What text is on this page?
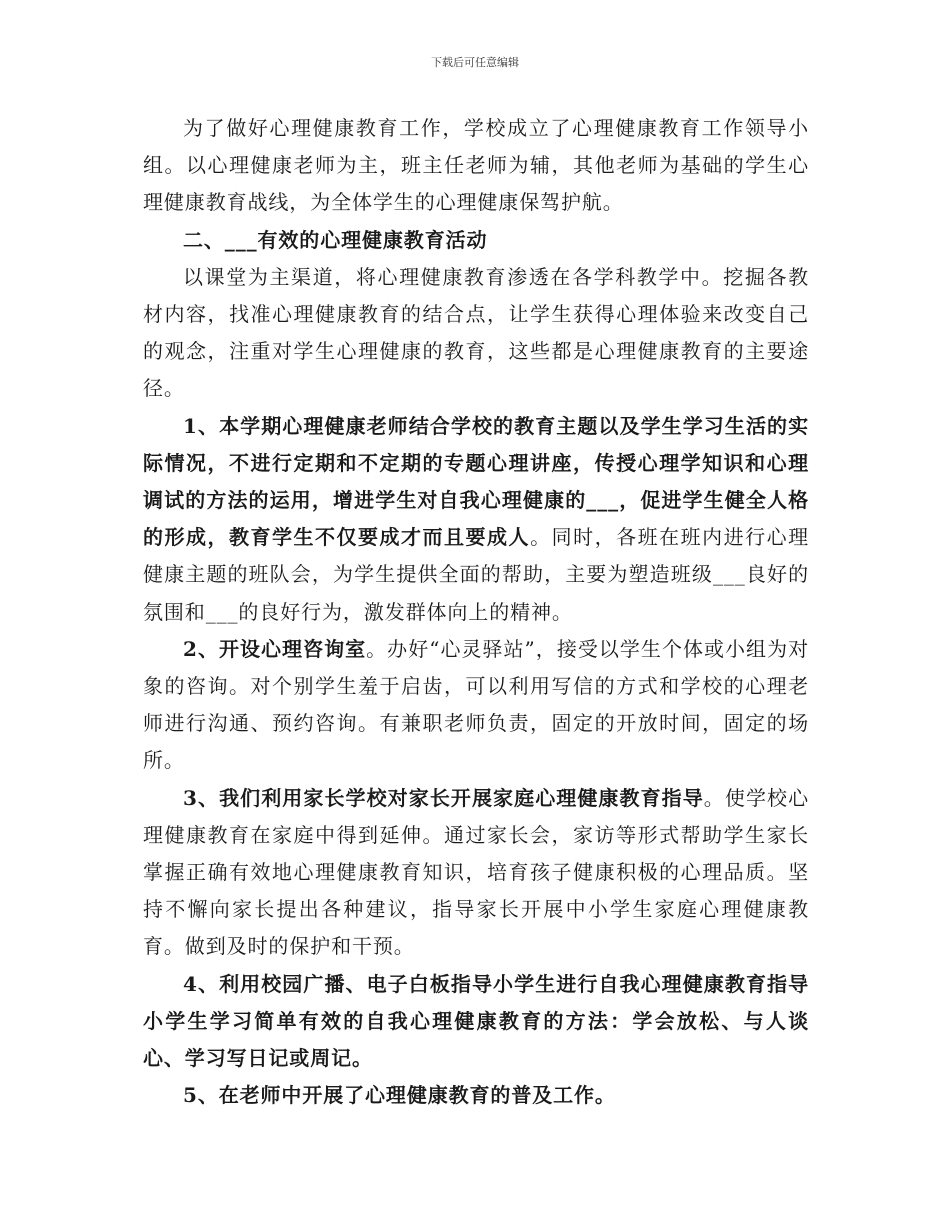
下载后可任意编辑

为了做好心理健康教育工作，学校成立了心理健康教育工作领导小组。以心理健康老师为主，班主任老师为辅，其他老师为基础的学生心理健康教育战线，为全体学生的心理健康保驾护航。

二、___有效的心理健康教育活动

以课堂为主渠道，将心理健康教育渗透在各学科教学中。挖掘各教材内容，找准心理健康教育的结合点，让学生获得心理体验来改变自己的观念，注重对学生心理健康的教育，这些都是心理健康教育的主要途径。

1、本学期心理健康老师结合学校的教育主题以及学生学习生活的实际情况，不进行定期和不定期的专题心理讲座，传授心理学知识和心理调试的方法的运用，增进学生对自我心理健康的___，促进学生健全人格的形成，教育学生不仅要成才而且要成人。同时，各班在班内进行心理健康主题的班队会，为学生提供全面的帮助，主要为塑造班级___良好的氛围和___的良好行为，激发群体向上的精神。

2、开设心理咨询室。办好“心灵驿站”，接受以学生个体或小组为对象的咨询。对个别学生羞于启齿，可以利用写信的方式和学校的心理老师进行沟通、预约咨询。有兼职老师负责，固定的开放时间，固定的场所。

3、我们利用家长学校对家长开展家庭心理健康教育指导。使学校心理健康教育在家庭中得到延伸。通过家长会，家访等形式帮助学生家长掌握正确有效地心理健康教育知识，培育孩子健康积极的心理品质。坚持不懈向家长提出各种建议，指导家长开展中小学生家庭心理健康教育。做到及时的保护和干预。

4、利用校园广播、电子白板指导小学生进行自我心理健康教育指导小学生学习简单有效的自我心理健康教育的方法：学会放松、与人谈心、学习写日记或周记。

5、在老师中开展了心理健康教育的普及工作。
